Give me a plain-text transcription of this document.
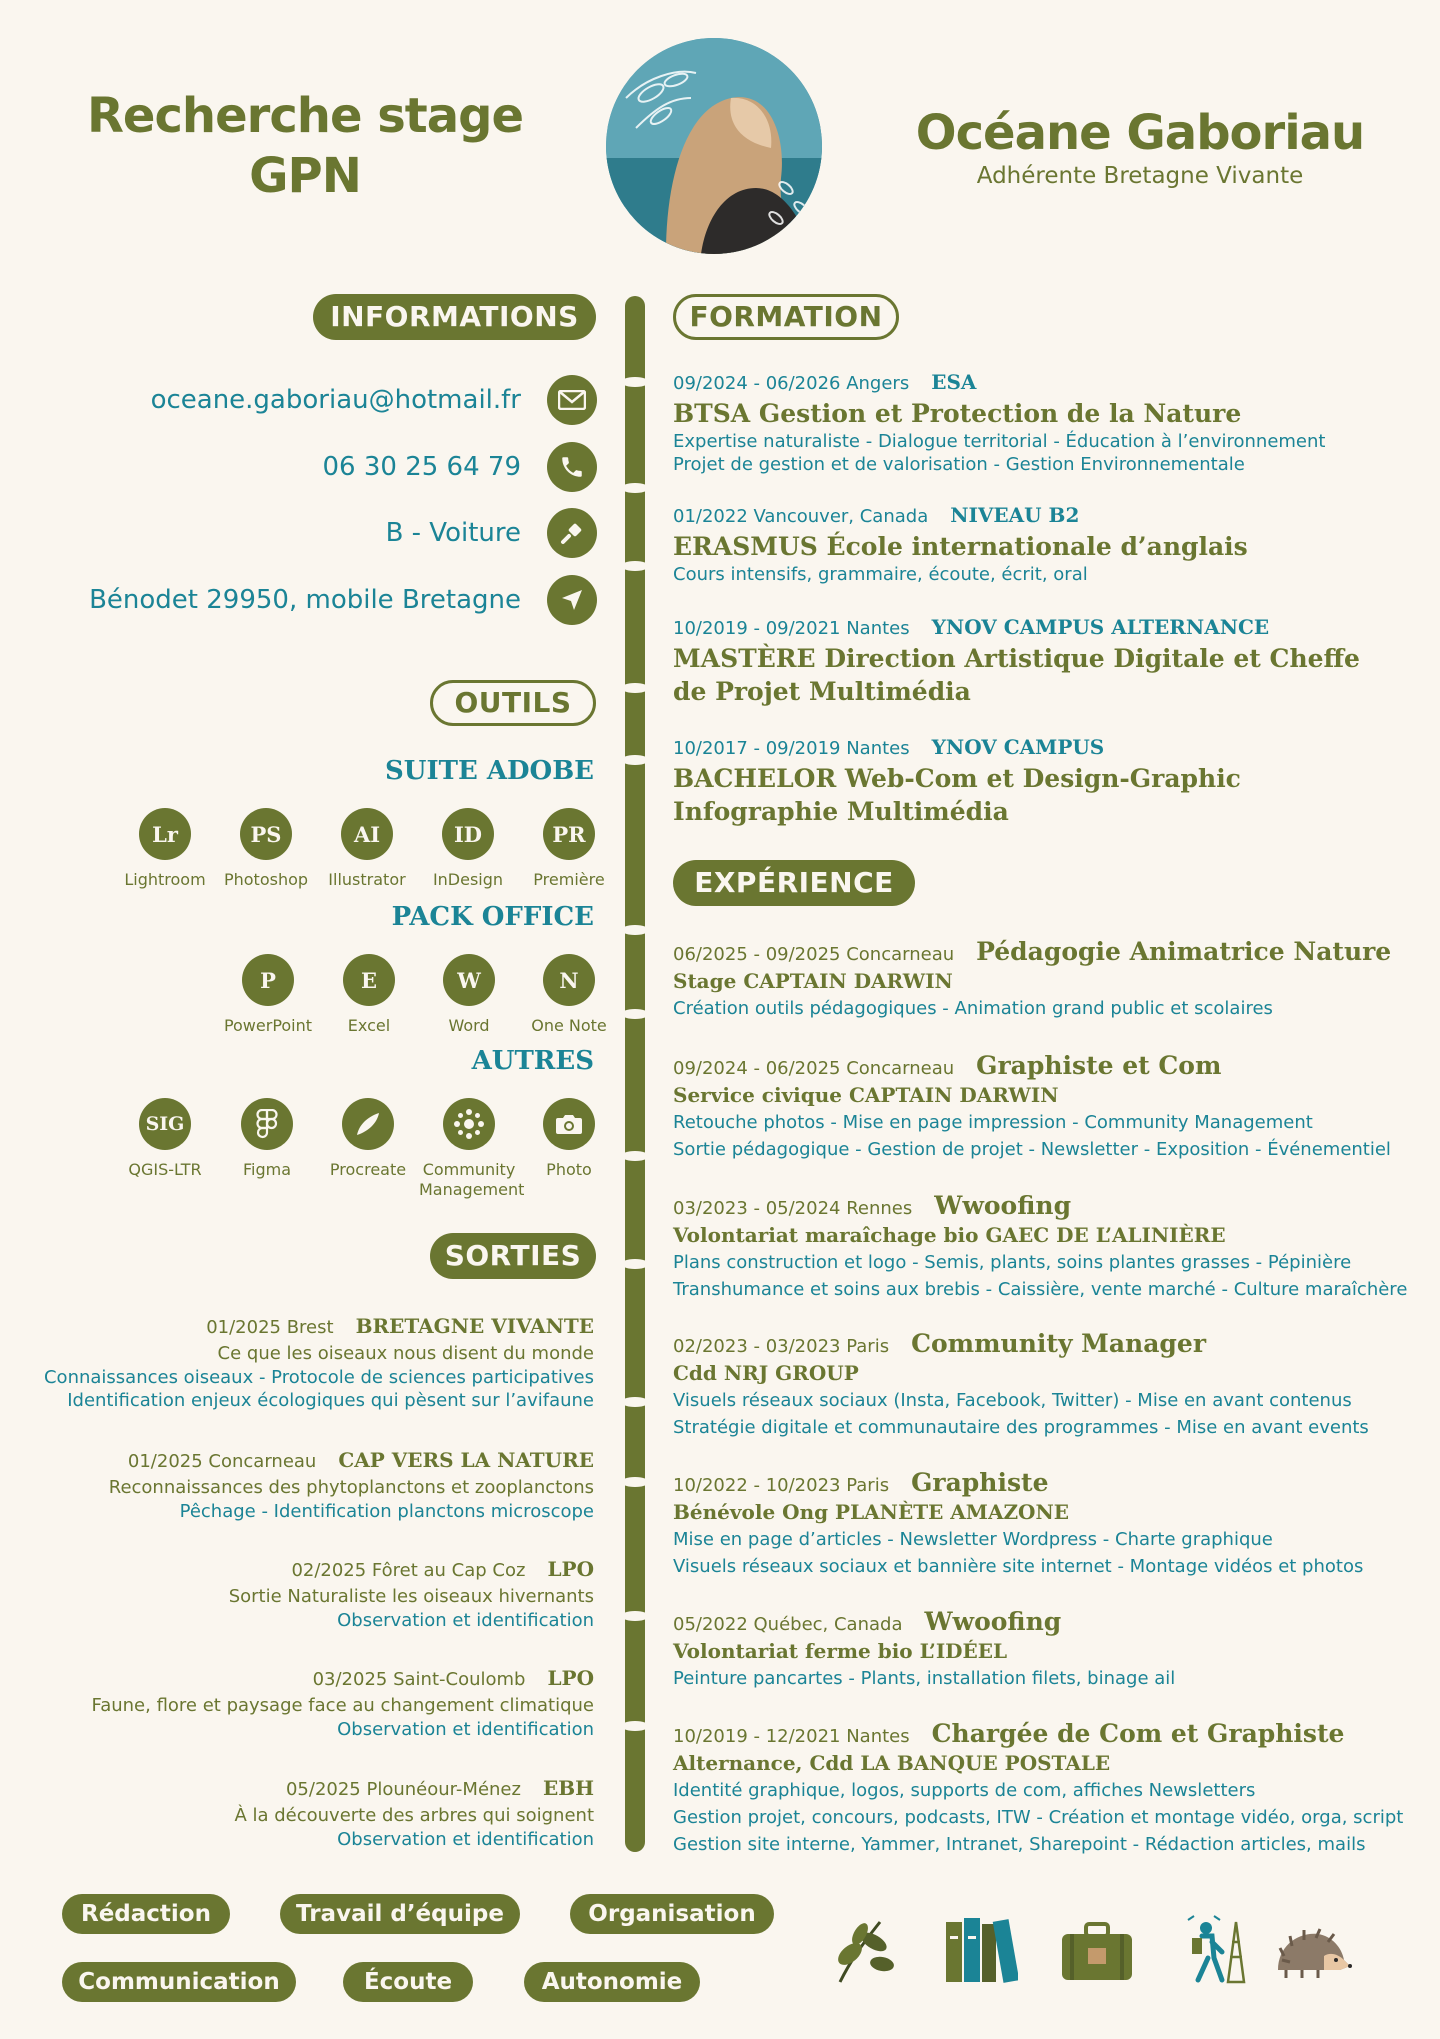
Recherche stage
GPN
Océane Gaboriau
Adhérente Bretagne Vivante
INFORMATIONS
oceane.gaboriau@hotmail.fr
06 30 25 64 79
B - Voiture
Bénodet 29950, mobile Bretagne
OUTILS
SUITE ADOBE
Lr
Lightroom
PS
Photoshop
AI
Illustrator
ID
InDesign
PR
Première
PACK OFFICE
P
PowerPoint
E
Excel
W
Word
N
One Note
AUTRES
SIG
QGIS-LTR	Figma	Procreate	Community
Management
Photo
SORTIES
01/2025 Brest BRETAGNE VIVANTE
Ce que les oiseaux nous disent du monde
Connaissances oiseaux - Protocole de sciences participatives
Identification enjeux écologiques qui pèsent sur l’avifaune
01/2025 Concarneau CAP VERS LA NATURE
Reconnaissances des phytoplanctons et zooplanctons
Pêchage - Identification planctons microscope
02/2025 Fôret au Cap Coz LPO
Sortie Naturaliste les oiseaux hivernants
Observation et identification
03/2025 Saint-Coulomb LPO
Faune, flore et paysage face au changement climatique
Observation et identification
05/2025 Plounéour-Ménez EBH
À la découverte des arbres qui soignent
Observation et identification
FORMATION
09/2024 - 06/2026 Angers ESA
BTSA Gestion et Protection de la Nature
Expertise naturaliste - Dialogue territorial - Éducation à l’environnement
Projet de gestion et de valorisation - Gestion Environnementale
01/2022 Vancouver, Canada NIVEAU B2
ERASMUS École internationale d’anglais
Cours intensifs, grammaire, écoute, écrit, oral
10/2019 - 09/2021 Nantes YNOV CAMPUS ALTERNANCE
MASTÈRE Direction Artistique Digitale et Cheffe
de Projet Multimédia
10/2017 - 09/2019 Nantes YNOV CAMPUS
BACHELOR Web-Com et Design-Graphic
Infographie Multimédia
EXPÉRIENCE
06/2025 - 09/2025 Concarneau Pédagogie Animatrice Nature
Stage CAPTAIN DARWIN
Création outils pédagogiques - Animation grand public et scolaires
09/2024 - 06/2025 Concarneau Graphiste et Com
Service civique CAPTAIN DARWIN
Retouche photos - Mise en page impression - Community Management
Sortie pédagogique - Gestion de projet - Newsletter - Exposition - Événementiel
03/2023 - 05/2024 Rennes Wwoofing
Volontariat maraîchage bio GAEC DE L’ALINIÈRE
Plans construction et logo - Semis, plants, soins plantes grasses - Pépinière
Transhumance et soins aux brebis - Caissière, vente marché - Culture maraîchère
02/2023 - 03/2023 Paris Community Manager
Cdd NRJ GROUP
Visuels réseaux sociaux (Insta, Facebook, Twitter) - Mise en avant contenus
Stratégie digitale et communautaire des programmes - Mise en avant events
10/2022 - 10/2023 Paris Graphiste
Bénévole Ong PLANÈTE AMAZONE
Mise en page d’articles - Newsletter Wordpress - Charte graphique
Visuels réseaux sociaux et bannière site internet - Montage vidéos et photos
05/2022 Québec, Canada Wwoofing
Volontariat ferme bio L’IDÉEL
Peinture pancartes - Plants, installation filets, binage ail
10/2019 - 12/2021 Nantes Chargée de Com et Graphiste
Alternance, Cdd LA BANQUE POSTALE
Identité graphique, logos, supports de com, affiches Newsletters
Gestion projet, concours, podcasts, ITW - Création et montage vidéo, orga, script
Gestion site interne, Yammer, Intranet, Sharepoint - Rédaction articles, mails
Rédaction	Travail d’équipe	Organisation
Communication	Écoute	Autonomie
